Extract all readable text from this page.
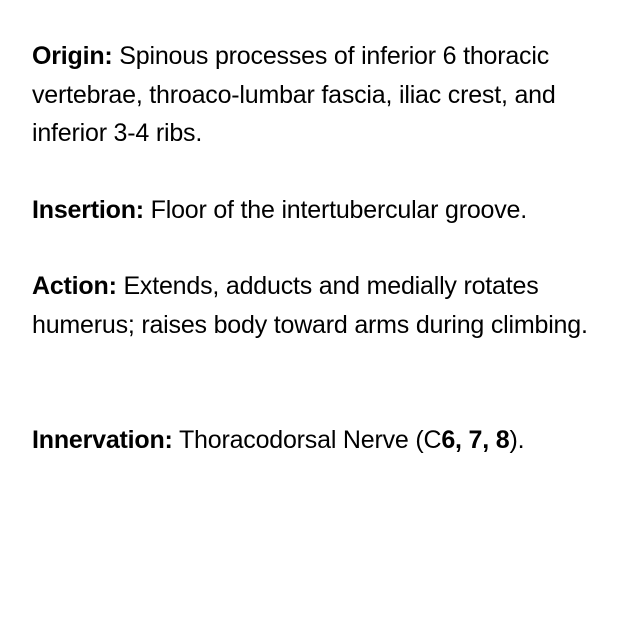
Origin: Spinous processes of inferior 6 thoracic vertebrae, throaco-lumbar fascia, iliac crest, and inferior 3-4 ribs.

Insertion: Floor of the intertubercular groove.

Action: Extends, adducts and medially rotates humerus; raises body toward arms during climbing.

Innervation: Thoracodorsal Nerve (C6, 7, 8).
